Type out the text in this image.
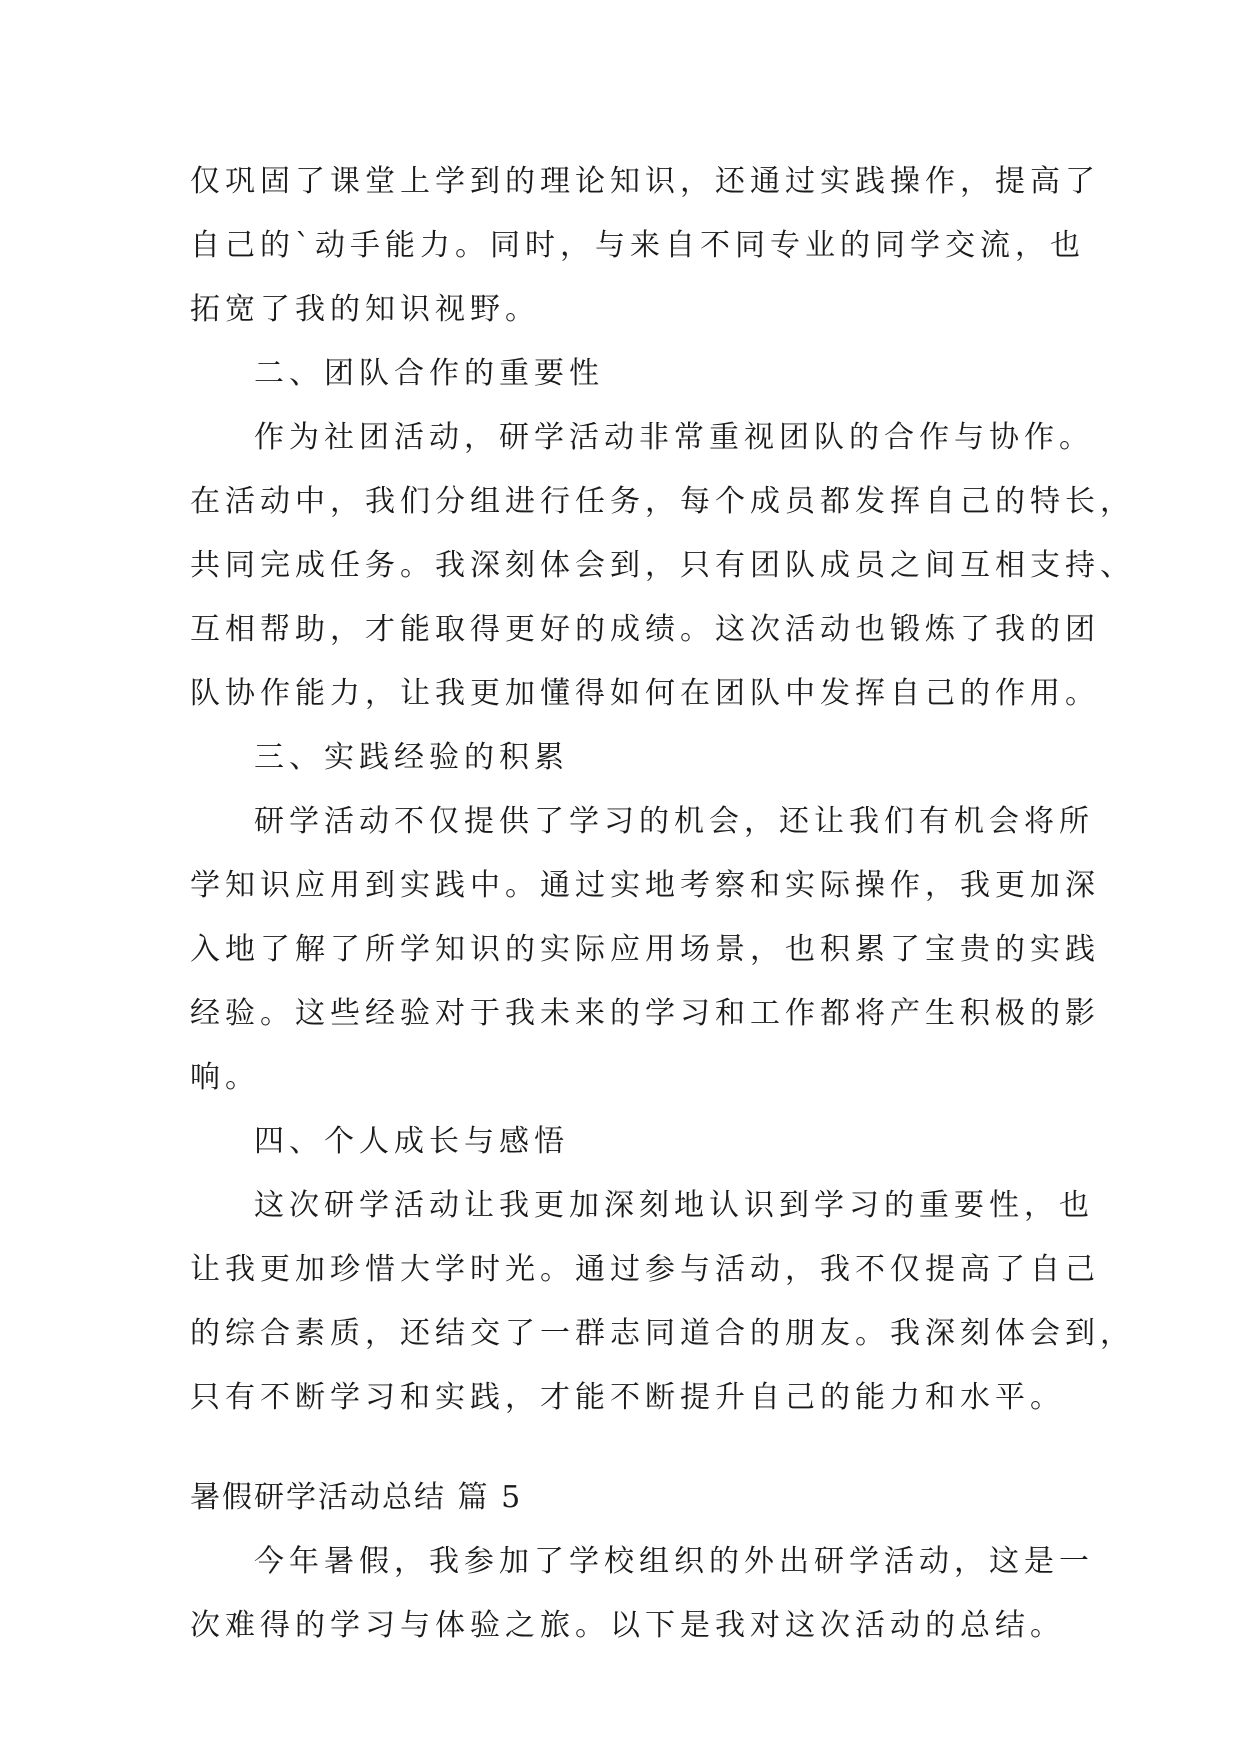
仅巩固了课堂上学到的理论知识，还通过实践操作，提高了
自己的`动手能力。同时，与来自不同专业的同学交流，也
拓宽了我的知识视野。
二、团队合作的重要性
作为社团活动，研学活动非常重视团队的合作与协作。
在活动中，我们分组进行任务，每个成员都发挥自己的特长，
共同完成任务。我深刻体会到，只有团队成员之间互相支持、
互相帮助，才能取得更好的成绩。这次活动也锻炼了我的团
队协作能力，让我更加懂得如何在团队中发挥自己的作用。
三、实践经验的积累
研学活动不仅提供了学习的机会，还让我们有机会将所
学知识应用到实践中。通过实地考察和实际操作，我更加深
入地了解了所学知识的实际应用场景，也积累了宝贵的实践
经验。这些经验对于我未来的学习和工作都将产生积极的影
响。
四、个人成长与感悟
这次研学活动让我更加深刻地认识到学习的重要性，也
让我更加珍惜大学时光。通过参与活动，我不仅提高了自己
的综合素质，还结交了一群志同道合的朋友。我深刻体会到，
只有不断学习和实践，才能不断提升自己的能力和水平。
暑假研学活动总结 篇 5
今年暑假，我参加了学校组织的外出研学活动，这是一
次难得的学习与体验之旅。以下是我对这次活动的总结。
